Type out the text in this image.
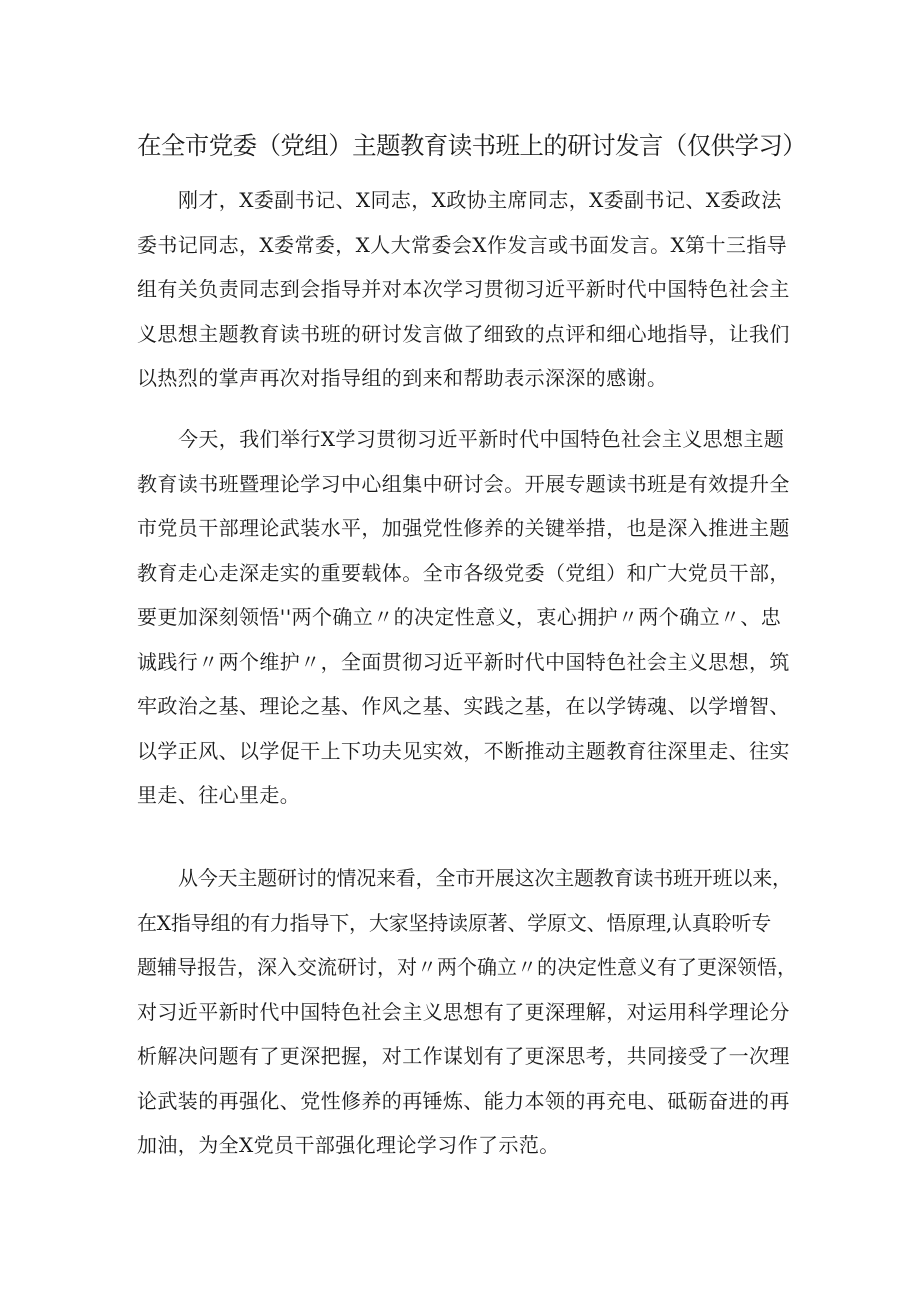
在全市党委（党组）主题教育读书班上的研讨发言（仅供学习）
刚才，X委副书记、X同志，X政协主席同志，X委副书记、X委政法
委书记同志，X委常委，X人大常委会X作发言或书面发言。X第十三指导
组有关负责同志到会指导并对本次学习贯彻习近平新时代中国特色社会主
义思想主题教育读书班的研讨发言做了细致的点评和细心地指导，让我们
以热烈的掌声再次对指导组的到来和帮助表示深深的感谢。
今天，我们举行X学习贯彻习近平新时代中国特色社会主义思想主题
教育读书班暨理论学习中心组集中研讨会。开展专题读书班是有效提升全
市党员干部理论武装水平，加强党性修养的关键举措，也是深入推进主题
教育走心走深走实的重要载体。全市各级党委（党组）和广大党员干部，
要更加深刻领悟''两个确立〃的决定性意义，衷心拥护〃两个确立〃、忠
诚践行〃两个维护〃，全面贯彻习近平新时代中国特色社会主义思想，筑
牢政治之基、理论之基、作风之基、实践之基，在以学铸魂、以学增智、
以学正风、以学促干上下功夫见实效，不断推动主题教育往深里走、往实
里走、往心里走。
从今天主题研讨的情况来看，全市开展这次主题教育读书班开班以来，
在X指导组的有力指导下，大家坚持读原著、学原文、悟原理,认真聆听专
题辅导报告，深入交流研讨，对〃两个确立〃的决定性意义有了更深领悟，
对习近平新时代中国特色社会主义思想有了更深理解，对运用科学理论分
析解决问题有了更深把握，对工作谋划有了更深思考，共同接受了一次理
论武装的再强化、党性修养的再锤炼、能力本领的再充电、砥砺奋进的再
加油，为全X党员干部强化理论学习作了示范。
